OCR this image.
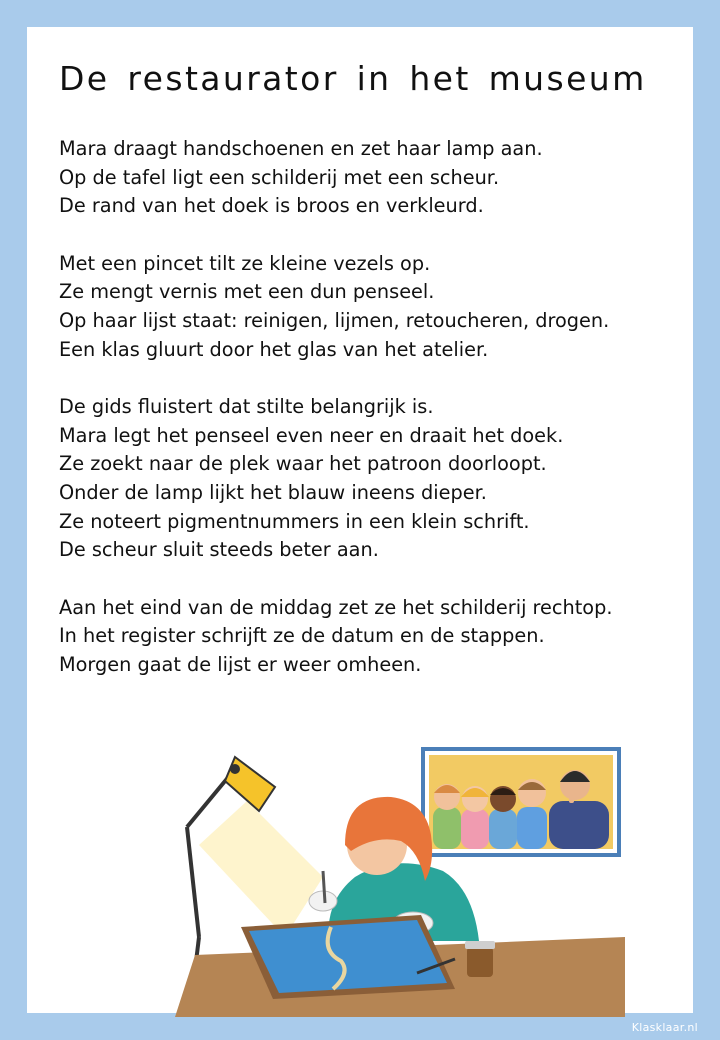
De restaurator in het museum

Mara draagt handschoenen en zet haar lamp aan.

Op de tafel ligt een schilderij met een scheur.

De rand van het doek is broos en verkleurd.

Met een pincet tilt ze kleine vezels op.

Ze mengt vernis met een dun penseel.

Op haar lijst staat: reinigen, lijmen, retoucheren, drogen.

Een klas gluurt door het glas van het atelier.

De gids fluistert dat stilte belangrijk is.

Mara legt het penseel even neer en draait het doek.

Ze zoekt naar de plek waar het patroon doorloopt.

Onder de lamp lijkt het blauw ineens dieper.

Ze noteert pigmentnummers in een klein schrift.

De scheur sluit steeds beter aan.

Aan het eind van de middag zet ze het schilderij rechtop.

In het register schrijft ze de datum en de stappen.

Morgen gaat de lijst er weer omheen.

Klasklaar.nl
